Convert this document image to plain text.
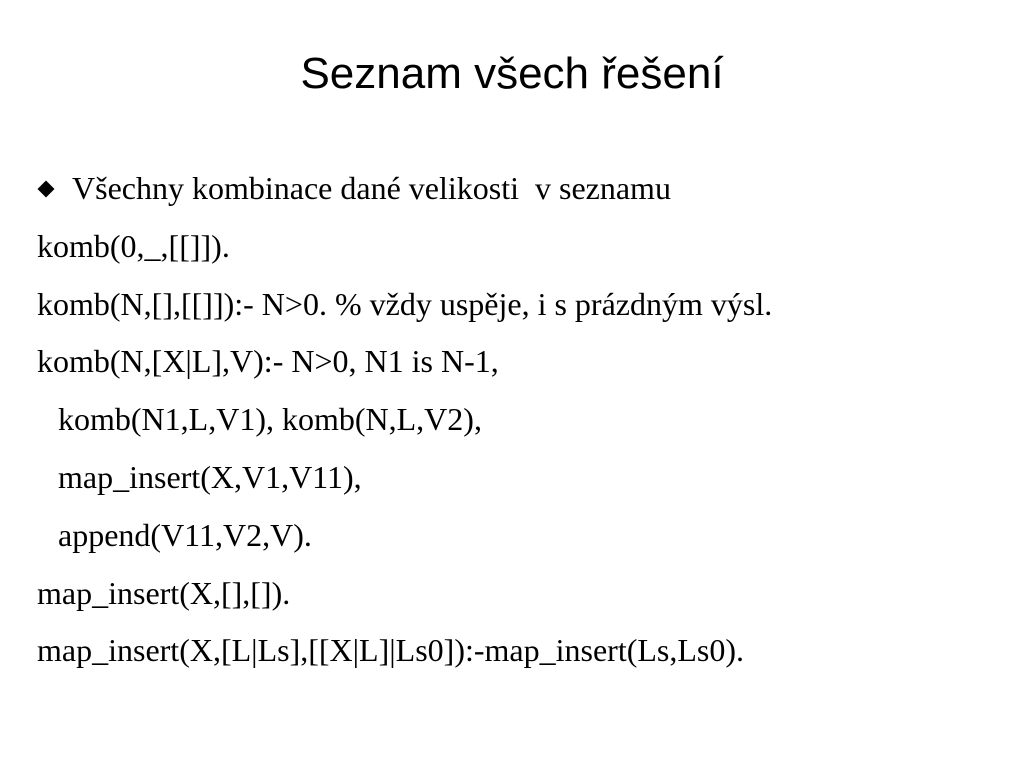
Seznam všech řešení
Všechny kombinace dané velikosti  v seznamu
komb(0,_,[[]]).
komb(N,[],[[]]):- N>0. % vždy uspěje, i s prázdným výsl.
komb(N,[X|L],V):- N>0, N1 is N-1,
komb(N1,L,V1), komb(N,L,V2),
map_insert(X,V1,V11),
append(V11,V2,V).
map_insert(X,[],[]).
map_insert(X,[L|Ls],[[X|L]|Ls0]):-map_insert(Ls,Ls0).
